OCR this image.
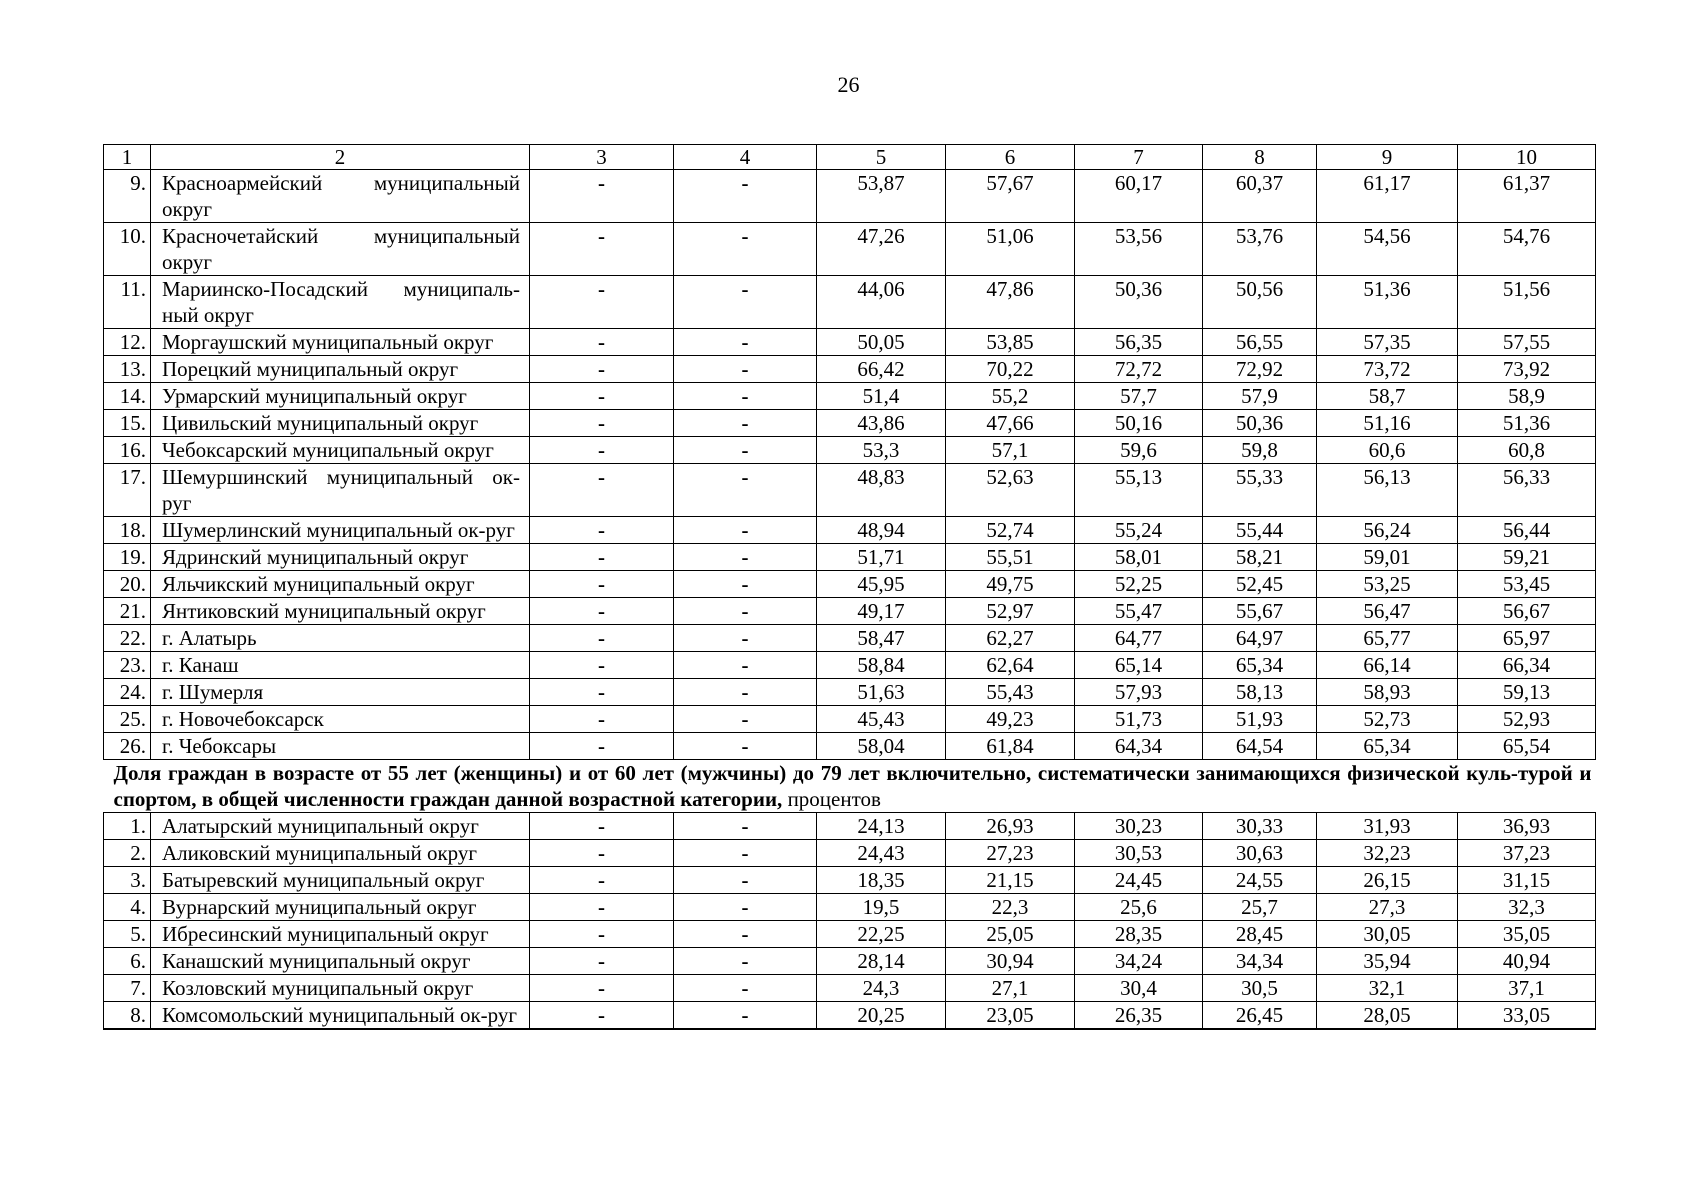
26
1	2	3	4	5	6	7	8	9	10
9.	Красноармейский муниципальный округ	-	-	53,87	57,67	60,17	60,37	61,17	61,37
10.	Красночетайский муниципальный округ	-	-	47,26	51,06	53,56	53,76	54,56	54,76
11.	Мариинско-Посадский муниципаль-ный округ	-	-	44,06	47,86	50,36	50,56	51,36	51,56
12.	Моргаушский муниципальный округ	-	-	50,05	53,85	56,35	56,55	57,35	57,55
13.	Порецкий муниципальный округ	-	-	66,42	70,22	72,72	72,92	73,72	73,92
14.	Урмарский муниципальный округ	-	-	51,4	55,2	57,7	57,9	58,7	58,9
15.	Цивильский муниципальный округ	-	-	43,86	47,66	50,16	50,36	51,16	51,36
16.	Чебоксарский муниципальный округ	-	-	53,3	57,1	59,6	59,8	60,6	60,8
17.	Шемуршинский муниципальный ок-руг	-	-	48,83	52,63	55,13	55,33	56,13	56,33
18.	Шумерлинский муниципальный ок-руг	-	-	48,94	52,74	55,24	55,44	56,24	56,44
19.	Ядринский муниципальный округ	-	-	51,71	55,51	58,01	58,21	59,01	59,21
20.	Яльчикский муниципальный округ	-	-	45,95	49,75	52,25	52,45	53,25	53,45
21.	Янтиковский муниципальный округ	-	-	49,17	52,97	55,47	55,67	56,47	56,67
22.	г. Алатырь	-	-	58,47	62,27	64,77	64,97	65,77	65,97
23.	г. Канаш	-	-	58,84	62,64	65,14	65,34	66,14	66,34
24.	г. Шумерля	-	-	51,63	55,43	57,93	58,13	58,93	59,13
25.	г. Новочебоксарск	-	-	45,43	49,23	51,73	51,93	52,73	52,93
26.	г. Чебоксары	-	-	58,04	61,84	64,34	64,54	65,34	65,54
Доля граждан в возрасте от 55 лет (женщины) и от 60 лет (мужчины) до 79 лет включительно, систематически занимающихся физической куль-турой и спортом, в общей численности граждан данной возрастной категории, процентов									
1.	Алатырский муниципальный округ	-	-	24,13	26,93	30,23	30,33	31,93	36,93
2.	Аликовский муниципальный округ	-	-	24,43	27,23	30,53	30,63	32,23	37,23
3.	Батыревский муниципальный округ	-	-	18,35	21,15	24,45	24,55	26,15	31,15
4.	Вурнарский муниципальный округ	-	-	19,5	22,3	25,6	25,7	27,3	32,3
5.	Ибресинский муниципальный округ	-	-	22,25	25,05	28,35	28,45	30,05	35,05
6.	Канашский муниципальный округ	-	-	28,14	30,94	34,24	34,34	35,94	40,94
7.	Козловский муниципальный округ	-	-	24,3	27,1	30,4	30,5	32,1	37,1
8.	Комсомольский муниципальный ок-руг	-	-	20,25	23,05	26,35	26,45	28,05	33,05
